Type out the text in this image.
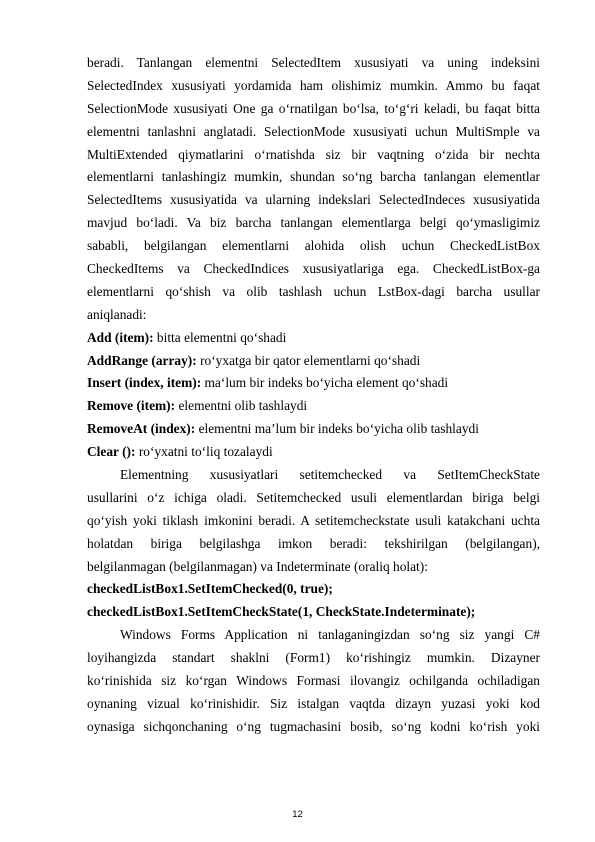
beradi. Tanlangan elementni SelectedItem xususiyati va uning indeksini
SelectedIndex xususiyati yordamida ham olishimiz mumkin. Ammo bu faqat
SelectionMode xususiyati One ga o‘rnatilgan bo‘lsa, to‘g‘ri keladi, bu faqat bitta
elementni tanlashni anglatadi. SelectionMode xususiyati uchun MultiSmple va
MultiExtended qiymatlarini o‘rnatishda siz bir vaqtning o‘zida bir nechta
elementlarni tanlashingiz mumkin, shundan so‘ng barcha tanlangan elementlar
SelectedItems xususiyatida va ularning indekslari SelectedIndeces xususiyatida
mavjud bo‘ladi. Va biz barcha tanlangan elementlarga belgi qo‘ymasligimiz
sababli, belgilangan elementlarni alohida olish uchun CheckedListBox
CheckedItems va CheckedIndices xususiyatlariga ega. CheckedListBox-ga
elementlarni qo‘shish va olib tashlash uchun LstBox-dagi barcha usullar
aniqlanadi:
Add (item): bitta elementni qo‘shadi
AddRange (array): ro‘yxatga bir qator elementlarni qo‘shadi
Insert (index, item): ma‘lum bir indeks bo‘yicha element qo‘shadi
Remove (item): elementni olib tashlaydi
RemoveAt (index): elementni ma’lum bir indeks bo‘yicha olib tashlaydi
Clear (): ro‘yxatni to‘liq tozalaydi
Elementning xususiyatlari setitemchecked va SetItemCheckState
usullarini o‘z ichiga oladi. Setitemchecked usuli elementlardan biriga belgi
qo‘yish yoki tiklash imkonini beradi. A setitemcheckstate usuli katakchani uchta
holatdan biriga belgilashga imkon beradi: tekshirilgan (belgilangan),
belgilanmagan (belgilanmagan) va Indeterminate (oraliq holat):
checkedListBox1.SetItemChecked(0, true);
checkedListBox1.SetItemCheckState(1, CheckState.Indeterminate);
Windows Forms Application ni tanlaganingizdan so‘ng siz yangi C#
loyihangizda standart shaklni (Form1) ko‘rishingiz mumkin. Dizayner
ko‘rinishida siz ko‘rgan Windows Formasi ilovangiz ochilganda ochiladigan
oynaning vizual ko‘rinishidir. Siz istalgan vaqtda dizayn yuzasi yoki kod
oynasiga sichqonchaning o‘ng tugmachasini bosib, so‘ng kodni ko‘rish yoki
12
